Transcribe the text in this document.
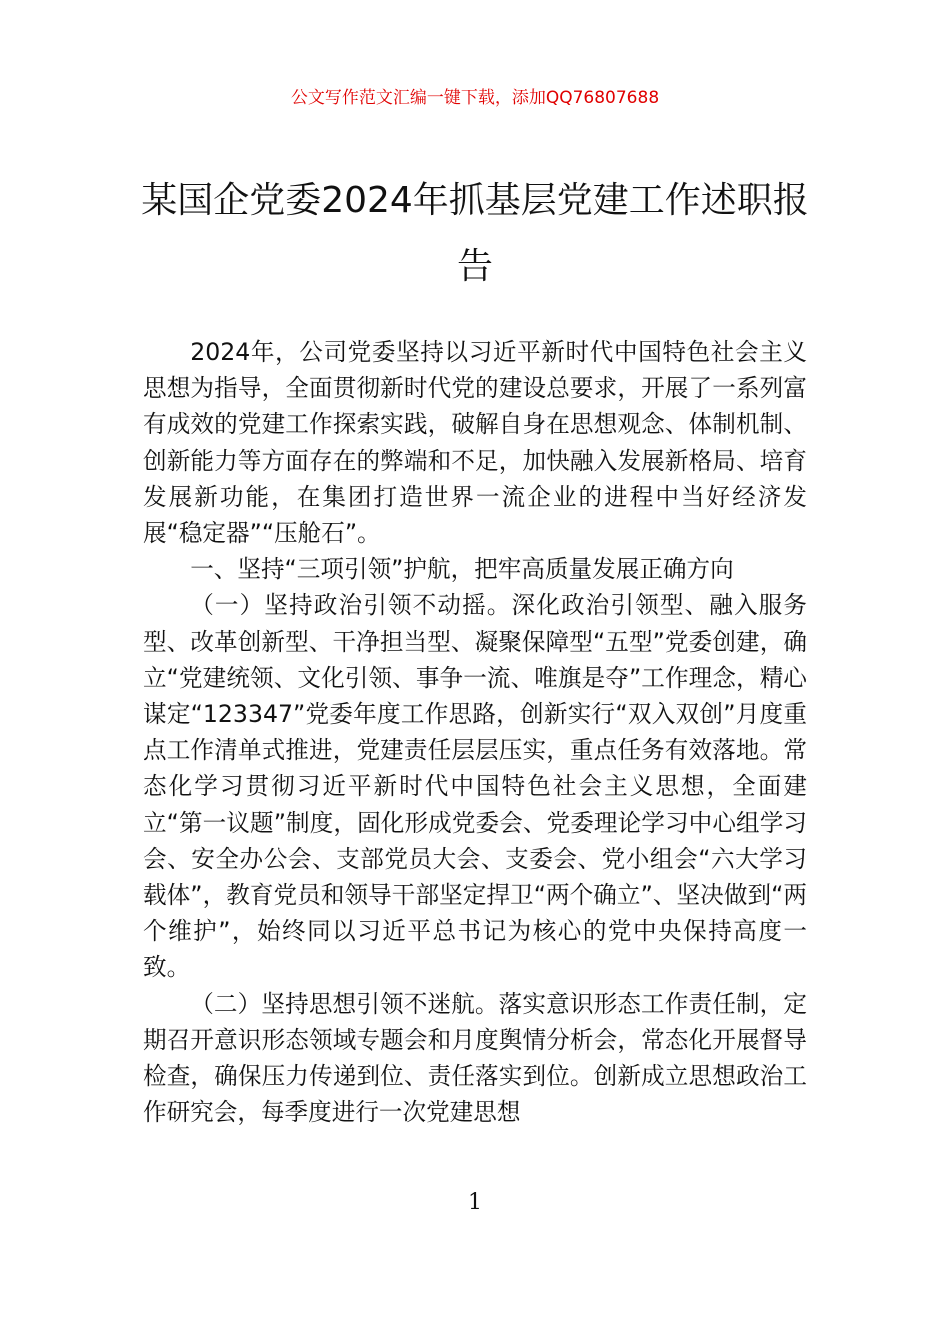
公文写作范文汇编一键下载，添加QQ76807688
某国企党委2024年抓基层党建工作述职报告

2024年，公司党委坚持以习近平新时代中国特色社会主义思想为指导，全面贯彻新时代党的建设总要求，开展了一系列富有成效的党建工作探索实践，破解自身在思想观念、体制机制、创新能力等方面存在的弊端和不足，加快融入发展新格局、培育发展新功能，在集团打造世界一流企业的进程中当好经济发展“稳定器”“压舱石”。

一、坚持“三项引领”护航，把牢高质量发展正确方向

（一）坚持政治引领不动摇。深化政治引领型、融入服务型、改革创新型、干净担当型、凝聚保障型“五型”党委创建，确立“党建统领、文化引领、事争一流、唯旗是夺”工作理念，精心谋定“123347”党委年度工作思路，创新实行“双入双创”月度重点工作清单式推进，党建责任层层压实，重点任务有效落地。常态化学习贯彻习近平新时代中国特色社会主义思想，全面建立“第一议题”制度，固化形成党委会、党委理论学习中心组学习会、安全办公会、支部党员大会、支委会、党小组会“六大学习载体”，教育党员和领导干部坚定捍卫“两个确立”、坚决做到“两个维护”，始终同以习近平总书记为核心的党中央保持高度一致。

（二）坚持思想引领不迷航。落实意识形态工作责任制，定期召开意识形态领域专题会和月度舆情分析会，常态化开展督导检查，确保压力传递到位、责任落实到位。创新成立思想政治工作研究会，每季度进行一次党建思想

1
